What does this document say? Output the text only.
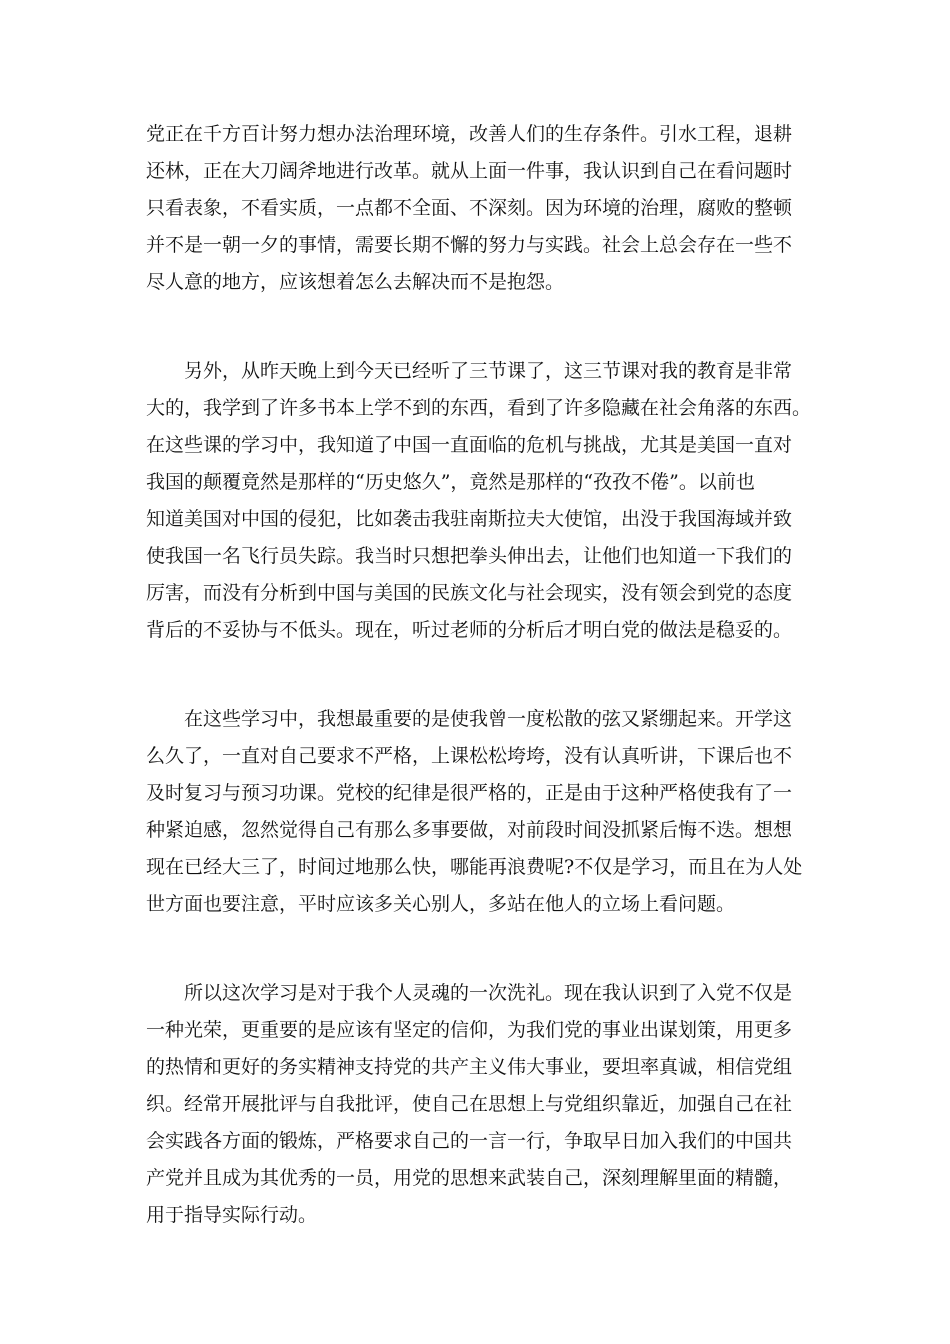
党正在千方百计努力想办法治理环境，改善人们的生存条件。引水工程，退耕
还林，正在大刀阔斧地进行改革。就从上面一件事，我认识到自己在看问题时
只看表象，不看实质，一点都不全面、不深刻。因为环境的治理，腐败的整顿
并不是一朝一夕的事情，需要长期不懈的努力与实践。社会上总会存在一些不
尽人意的地方，应该想着怎么去解决而不是抱怨。
另外，从昨天晚上到今天已经听了三节课了，这三节课对我的教育是非常
大的，我学到了许多书本上学不到的东西，看到了许多隐藏在社会角落的东西。
在这些课的学习中，我知道了中国一直面临的危机与挑战，尤其是美国一直对
我国的颠覆竟然是那样的“历史悠久”，竟然是那样的“孜孜不倦”。以前也
知道美国对中国的侵犯，比如袭击我驻南斯拉夫大使馆，出没于我国海域并致
使我国一名飞行员失踪。我当时只想把拳头伸出去，让他们也知道一下我们的
厉害，而没有分析到中国与美国的民族文化与社会现实，没有领会到党的态度
背后的不妥协与不低头。现在，听过老师的分析后才明白党的做法是稳妥的。
在这些学习中，我想最重要的是使我曾一度松散的弦又紧绷起来。开学这
么久了，一直对自己要求不严格，上课松松垮垮，没有认真听讲，下课后也不
及时复习与预习功课。党校的纪律是很严格的，正是由于这种严格使我有了一
种紧迫感，忽然觉得自己有那么多事要做，对前段时间没抓紧后悔不迭。想想
现在已经大三了，时间过地那么快，哪能再浪费呢?不仅是学习，而且在为人处
世方面也要注意，平时应该多关心别人，多站在他人的立场上看问题。
所以这次学习是对于我个人灵魂的一次洗礼。现在我认识到了入党不仅是
一种光荣，更重要的是应该有坚定的信仰，为我们党的事业出谋划策，用更多
的热情和更好的务实精神支持党的共产主义伟大事业，要坦率真诚，相信党组
织。经常开展批评与自我批评，使自己在思想上与党组织靠近，加强自己在社
会实践各方面的锻炼，严格要求自己的一言一行，争取早日加入我们的中国共
产党并且成为其优秀的一员，用党的思想来武装自己，深刻理解里面的精髓，
用于指导实际行动。
